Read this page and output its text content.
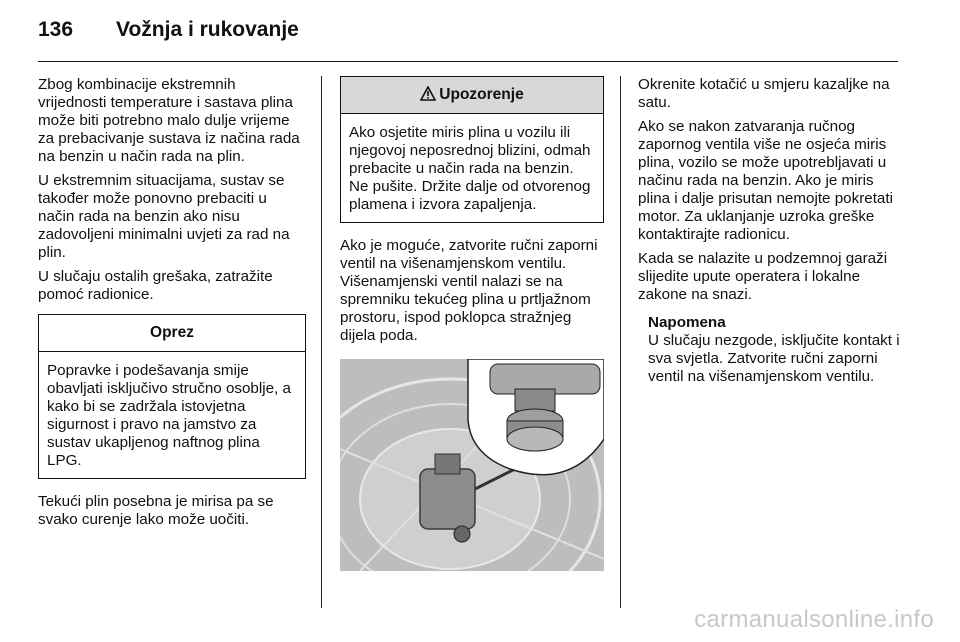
136	Vožnja i rukovanje

Zbog kombinacije ekstremnih vrijednosti temperature i sastava plina može biti potrebno malo dulje vrijeme za prebacivanje sustava iz načina rada na benzin u način rada na plin.

U ekstremnim situacijama, sustav se također može ponovno prebaciti u način rada na benzin ako nisu zadovoljeni minimalni uvjeti za rad na plin.

U slučaju ostalih grešaka, zatražite pomoć radionice.

Oprez
Popravke i podešavanja smije obavljati isključivo stručno osoblje, a kako bi se zadržala istovjetna sigurnost i pravo na jamstvo za sustav ukapljenog naftnog plina LPG.

Tekući plin posebna je mirisa pa se svako curenje lako može uočiti.

Upozorenje
Ako osjetite miris plina u vozilu ili njegovoj neposrednoj blizini, odmah prebacite u način rada na benzin. Ne pušite. Držite dalje od otvorenog plamena i izvora zapaljenja.

Ako je moguće, zatvorite ručni zaporni ventil na višenamjenskom ventilu. Višenamjenski ventil nalazi se na spremniku tekućeg plina u prtljažnom prostoru, ispod poklopca stražnjeg dijela poda.

Okrenite kotačić u smjeru kazaljke na satu.

Ako se nakon zatvaranja ručnog zapornog ventila više ne osjeća miris plina, vozilo se može upotrebljavati u načinu rada na benzin. Ako je miris plina i dalje prisutan nemojte pokretati motor. Za uklanjanje uzroka greške kontaktirajte radionicu.

Kada se nalazite u podzemnoj garaži slijedite upute operatera i lokalne zakone na snazi.

Napomena
U slučaju nezgode, isključite kontakt i sva svjetla. Zatvorite ručni zaporni ventil na višenamjenskom ventilu.
carmanualsonline.info
